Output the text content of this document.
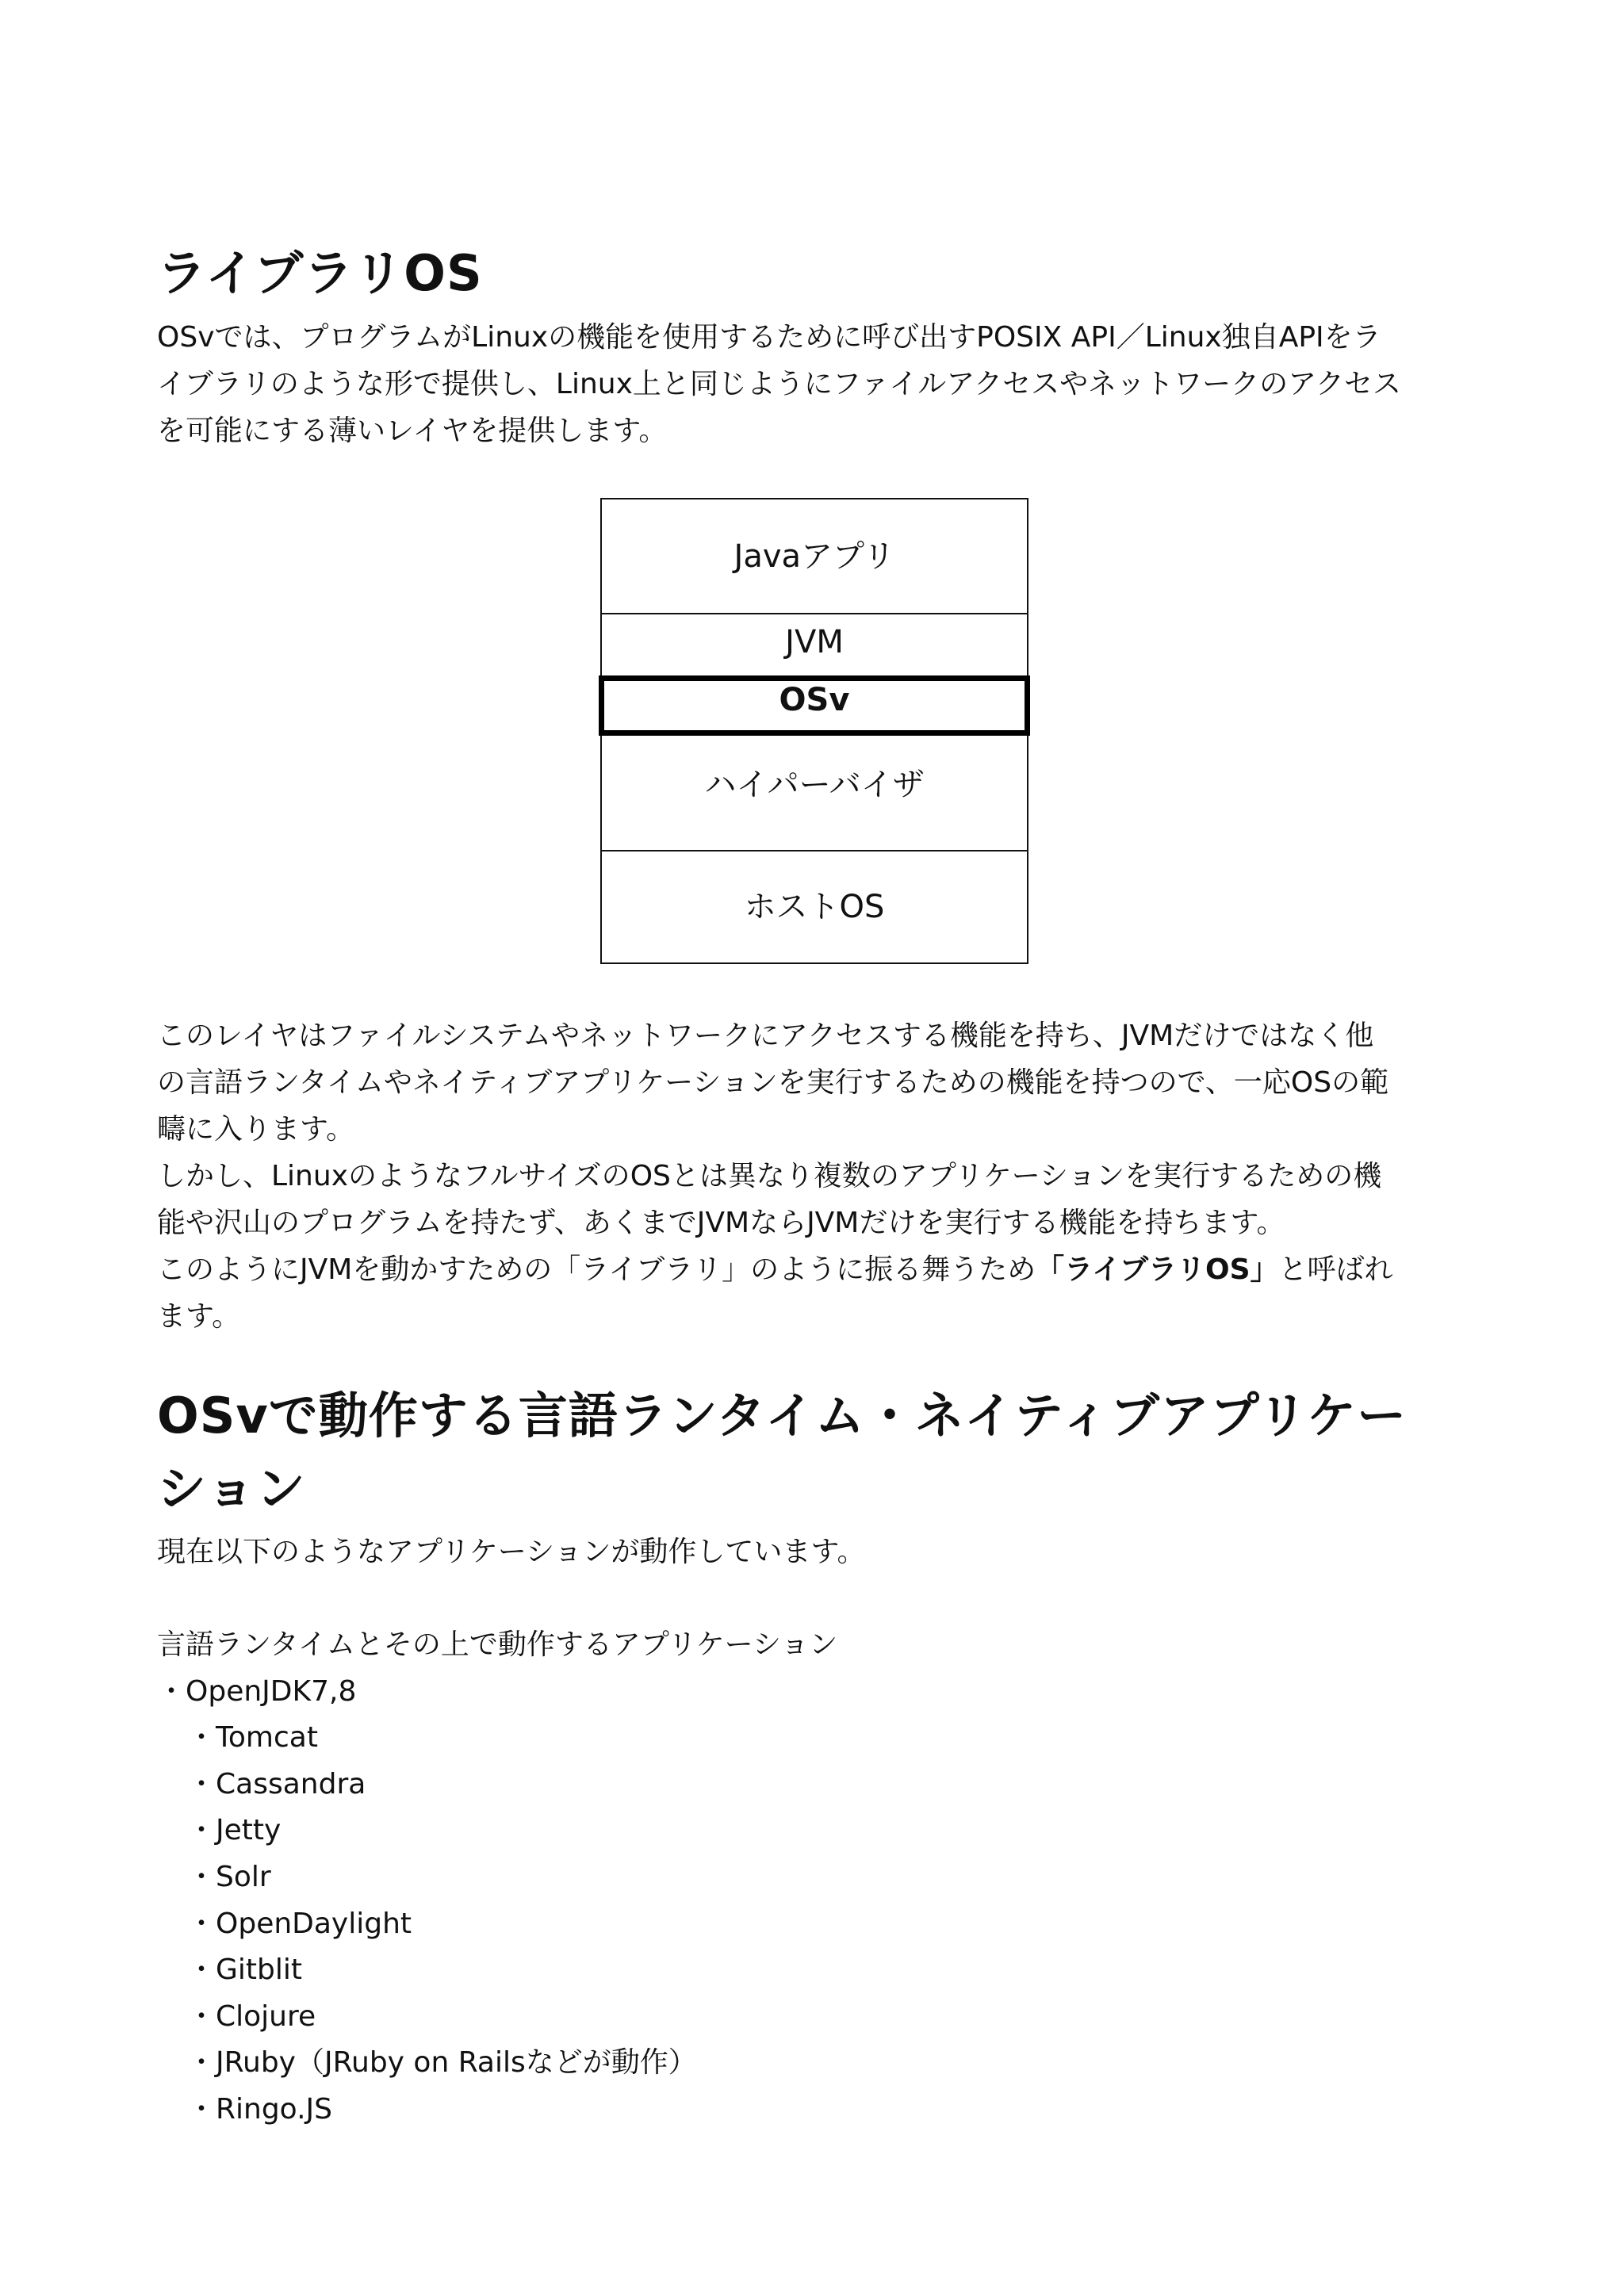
ライブラリOS

OSvでは、プログラムがLinuxの機能を使用するために呼び出すPOSIX API／Linux独自APIをラ

イブラリのような形で提供し、Linux上と同じようにファイルアクセスやネットワークのアクセス

を可能にする薄いレイヤを提供します。

Javaアプリ
JVM
OSv
ハイパーバイザ
ホストOS

このレイヤはファイルシステムやネットワークにアクセスする機能を持ち、JVMだけではなく他

の言語ランタイムやネイティブアプリケーションを実行するための機能を持つので、一応OSの範

疇に入ります。

しかし、LinuxのようなフルサイズのOSとは異なり複数のアプリケーションを実行するための機

能や沢山のプログラムを持たず、あくまでJVMならJVMだけを実行する機能を持ちます。

このようにJVMを動かすための「ライブラリ」のように振る舞うため「ライブラリOS」と呼ばれ

ます。

OSvで動作する言語ランタイム・ネイティブアプリケー
ション
現在以下のようなアプリケーションが動作しています。
言語ランタイムとその上で動作するアプリケーション
・OpenJDK7,8
・Tomcat
・Cassandra
・Jetty
・Solr
・OpenDaylight
・Gitblit
・Clojure
・JRuby（JRuby on Railsなどが動作）
・Ringo.JS
